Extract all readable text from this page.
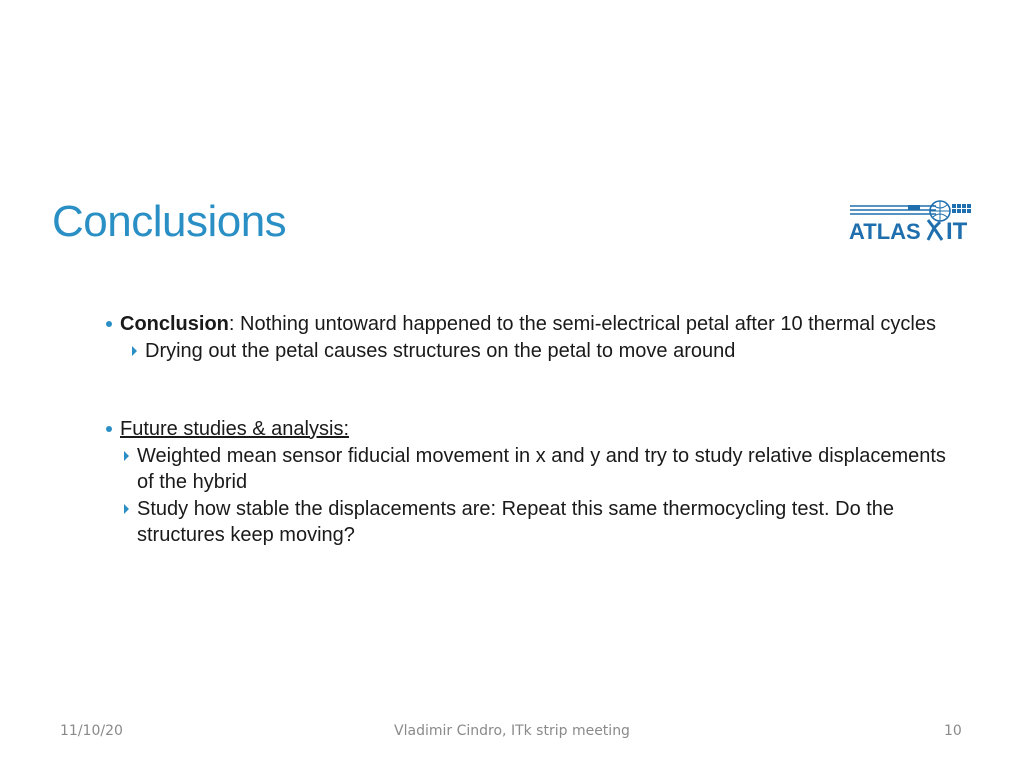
Conclusions	ATLAS IT
Conclusion : Nothing untoward happened to the semi-electrical petal after 10 thermal cycles
Drying out the petal causes structures on the petal to move around
Future studies & analysis:
Weighted mean sensor fiducial movement in x and y and try to study relative displacements of the hybrid
Study how stable the displacements are: Repeat this same thermocycling test. Do the structures keep moving?
11/10/20	Vladimir Cindro, ITk strip meeting	10
